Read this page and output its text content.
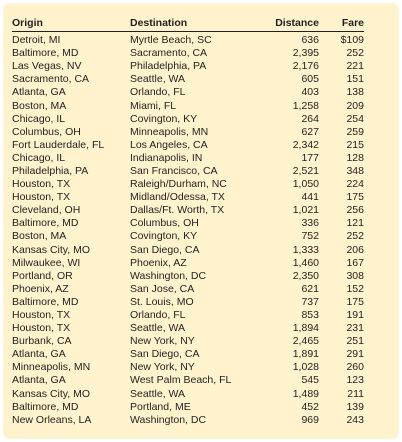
Origin	Destination	Distance	Fare
Detroit, MI	Myrtle Beach, SC	636	$109
Baltimore, MD	Sacramento, CA	2,395	252
Las Vegas, NV	Philadelphia, PA	2,176	221
Sacramento, CA	Seattle, WA	605	151
Atlanta, GA	Orlando, FL	403	138
Boston, MA	Miami, FL	1,258	209
Chicago, IL	Covington, KY	264	254
Columbus, OH	Minneapolis, MN	627	259
Fort Lauderdale, FL	Los Angeles, CA	2,342	215
Chicago, IL	Indianapolis, IN	177	128
Philadelphia, PA	San Francisco, CA	2,521	348
Houston, TX	Raleigh/Durham, NC	1,050	224
Houston, TX	Midland/Odessa, TX	441	175
Cleveland, OH	Dallas/Ft. Worth, TX	1,021	256
Baltimore, MD	Columbus, OH	336	121
Boston, MA	Covington, KY	752	252
Kansas City, MO	San Diego, CA	1,333	206
Milwaukee, WI	Phoenix, AZ	1,460	167
Portland, OR	Washington, DC	2,350	308
Phoenix, AZ	San Jose, CA	621	152
Baltimore, MD	St. Louis, MO	737	175
Houston, TX	Orlando, FL	853	191
Houston, TX	Seattle, WA	1,894	231
Burbank, CA	New York, NY	2,465	251
Atlanta, GA	San Diego, CA	1,891	291
Minneapolis, MN	New York, NY	1,028	260
Atlanta, GA	West Palm Beach, FL	545	123
Kansas City, MO	Seattle, WA	1,489	211
Baltimore, MD	Portland, ME	452	139
New Orleans, LA	Washington, DC	969	243
